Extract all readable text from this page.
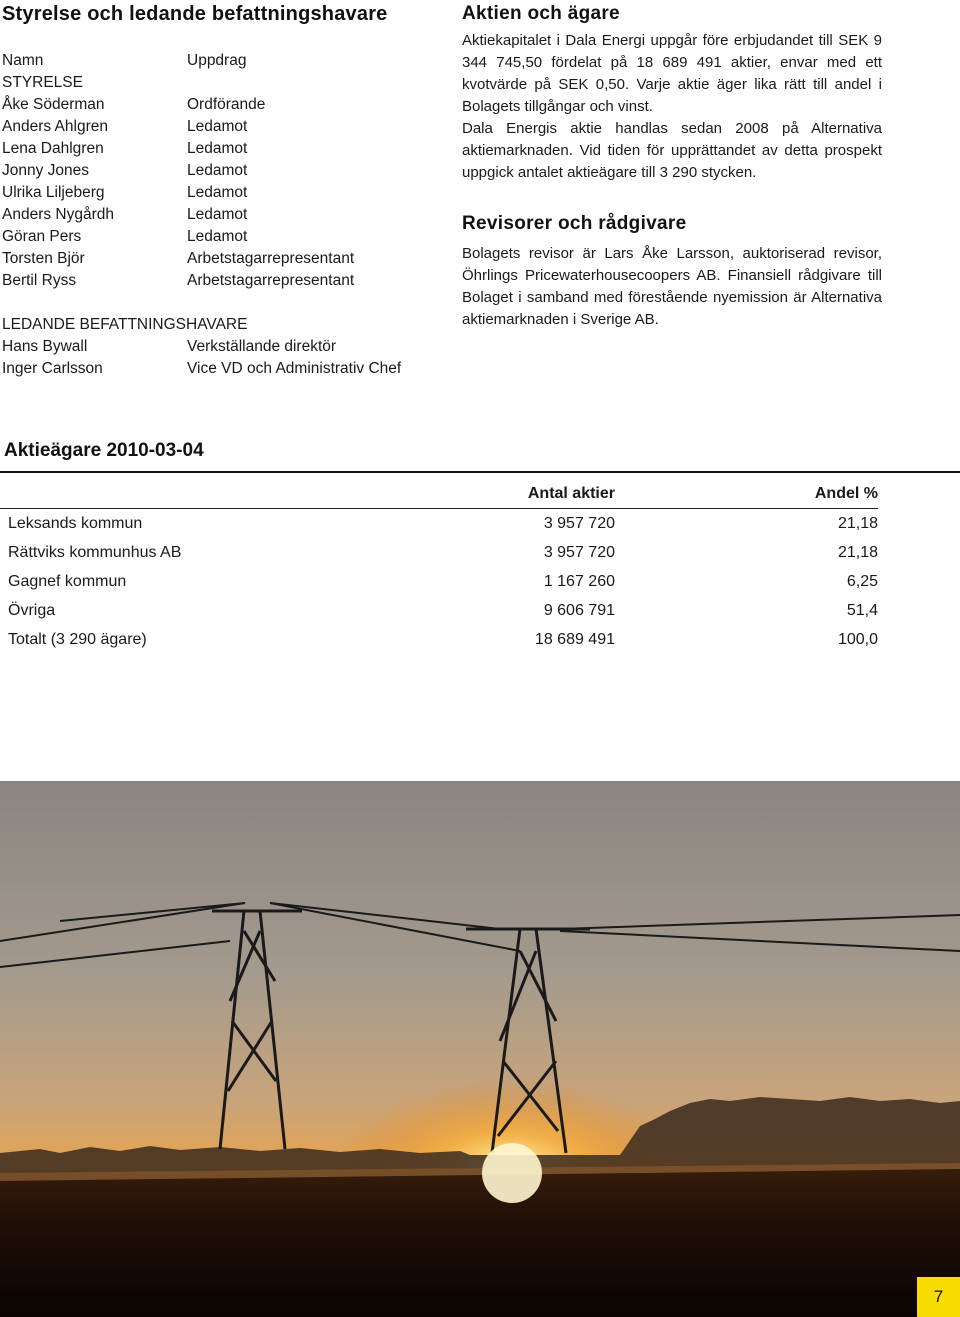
Styrelse och ledande befattningshavare
Namn	Uppdrag
STYRELSE
Åke Söderman	Ordförande
Anders Ahlgren	Ledamot
Lena Dahlgren	Ledamot
Jonny Jones	Ledamot
Ulrika Liljeberg	Ledamot
Anders Nygårdh	Ledamot
Göran Pers	Ledamot
Torsten Björ	Arbetstagarrepresentant
Bertil Ryss	Arbetstagarrepresentant
LEDANDE BEFATTNINGSHAVARE
Hans Bywall	Verkställande direktör
Inger Carlsson	Vice VD och Administrativ Chef
Aktien och ägare

Aktiekapitalet i Dala Energi uppgår före erbjudandet till SEK 9 344 745,50 fördelat på 18 689 491 aktier, envar med ett kvotvärde på SEK 0,50. Varje aktie äger lika rätt till andel i Bolagets tillgångar och vinst.

Dala Energis aktie handlas sedan 2008 på Alternativa aktiemarknaden. Vid tiden för upprättandet av detta prospekt uppgick antalet aktieägare till 3 290 stycken.

Revisorer och rådgivare

Bolagets revisor är Lars Åke Larsson, auktoriserad revisor, Öhrlings Pricewaterhousecoopers AB. Finansiell rådgivare till Bolaget i samband med förestående nyemission är Alternativa aktiemarknaden i Sverige AB.

Aktieägare 2010-03-04
	Antal aktier	Andel %
Leksands kommun	3 957 720	21,18
Rättviks kommunhus AB	3 957 720	21,18
Gagnef kommun	1 167 260	6,25
Övriga	9 606 791	51,4
Totalt (3 290 ägare)	18 689 491	100,0
7
